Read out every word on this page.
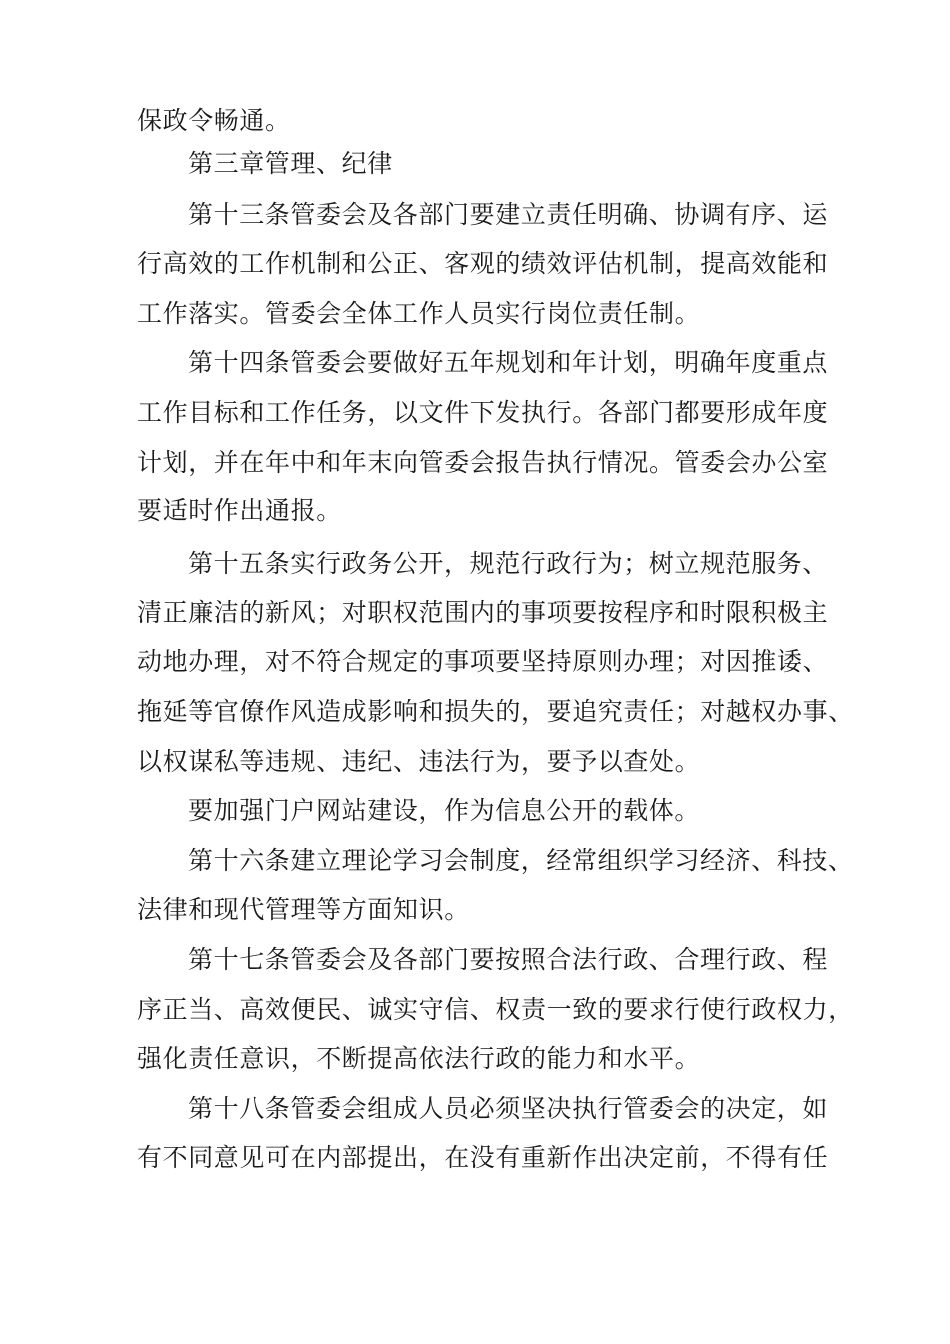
保政令畅通。
第三章管理、纪律
第十三条管委会及各部门要建立责任明确、协调有序、运
行高效的工作机制和公正、客观的绩效评估机制，提高效能和
工作落实。管委会全体工作人员实行岗位责任制。
第十四条管委会要做好五年规划和年计划，明确年度重点
工作目标和工作任务，以文件下发执行。各部门都要形成年度
计划，并在年中和年末向管委会报告执行情况。管委会办公室
要适时作出通报。
第十五条实行政务公开，规范行政行为；树立规范服务、
清正廉洁的新风；对职权范围内的事项要按程序和时限积极主
动地办理，对不符合规定的事项要坚持原则办理；对因推诿、
拖延等官僚作风造成影响和损失的，要追究责任；对越权办事、
以权谋私等违规、违纪、违法行为，要予以查处。
要加强门户网站建设，作为信息公开的载体。
第十六条建立理论学习会制度，经常组织学习经济、科技、
法律和现代管理等方面知识。
第十七条管委会及各部门要按照合法行政、合理行政、程
序正当、高效便民、诚实守信、权责一致的要求行使行政权力，
强化责任意识，不断提高依法行政的能力和水平。
第十八条管委会组成人员必须坚决执行管委会的决定，如
有不同意见可在内部提出，在没有重新作出决定前，不得有任
